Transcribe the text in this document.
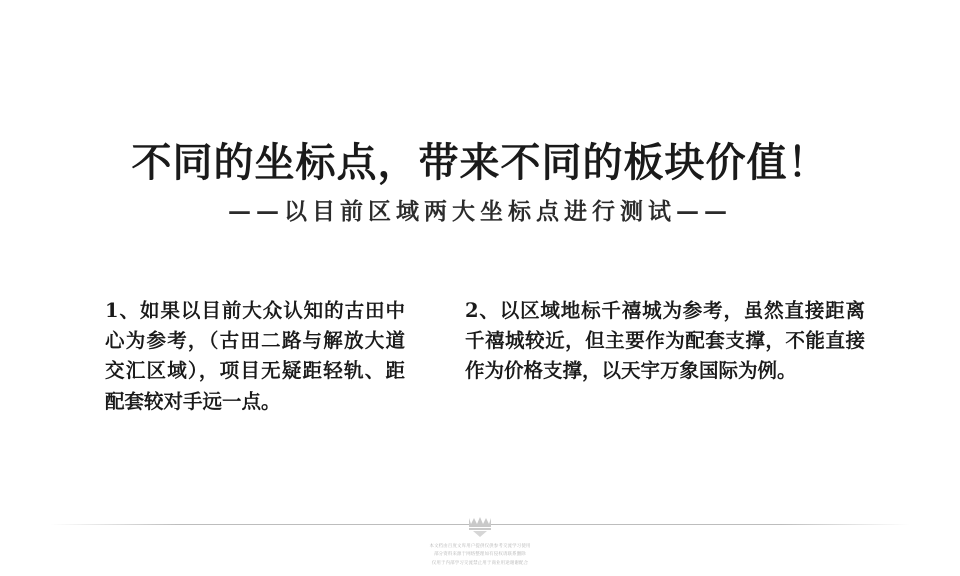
不同的坐标点，带来不同的板块价值！
——以目前区域两大坐标点进行测试——
1、如果以目前大众认知的古田中心为参考，（古田二路与解放大道交汇区域），项目无疑距轻轨、距配套较对手远一点。
2、以区域地标千禧城为参考，虽然直接距离千禧城较近，但主要作为配套支撑，不能直接作为价格支撑，以天宇万象国际为例。
本文档由百度文库用户提供仅供参考交流学习使用
部分资料来源于网络整理如有侵权请联系删除
仅用于内部学习交流禁止用于商业用途谢谢配合
